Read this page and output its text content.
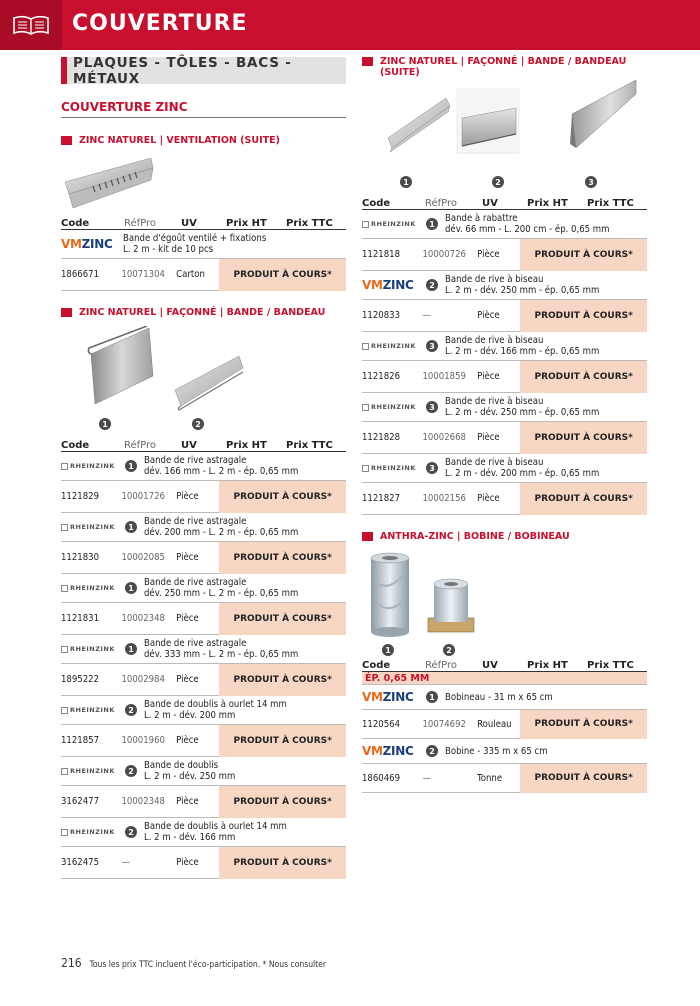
COUVERTURE
PLAQUES - TÔLES - BACS - MÉTAUX
COUVERTURE ZINC
ZINC NATUREL | VENTILATION (SUITE)
Code	RéfPro	UV	Prix HT	Prix TTC
VMZINC Bande d'égoût ventilé + fixations
L. 2 m - kit de 10 pcs
1866671	10071304	Carton	PRODUIT À COURS*
ZINC NATUREL | FAÇONNÉ | BANDE / BANDEAU
1	2
Code	RéfPro	UV	Prix HT	Prix TTC
RHEINZINK	1	Bande de rive astragale
dév. 166 mm - L. 2 m - ép. 0,65 mm
1121829	10001726	Pièce	PRODUIT À COURS*
RHEINZINK	1	Bande de rive astragale
dév. 200 mm - L. 2 m - ép. 0,65 mm
1121830	10002085	Pièce	PRODUIT À COURS*
RHEINZINK	1	Bande de rive astragale
dév. 250 mm - L. 2 m - ép. 0,65 mm
1121831	10002348	Pièce	PRODUIT À COURS*
RHEINZINK	1	Bande de rive astragale
dév. 333 mm - L. 2 m - ép. 0,65 mm
1895222	10002984	Pièce	PRODUIT À COURS*
RHEINZINK	2	Bande de doublis à ourlet 14 mm
L. 2 m - dév. 200 mm
1121857	10001960	Pièce	PRODUIT À COURS*
RHEINZINK	2	Bande de doublis
L. 2 m - dév. 250 mm
3162477	10002348	Pièce	PRODUIT À COURS*
RHEINZINK	2	Bande de doublis à ourlet 14 mm
L. 2 m - dév. 166 mm
3162475	—	Pièce	PRODUIT À COURS*
ZINC NATUREL | FAÇONNÉ | BANDE / BANDEAU
(SUITE)
1	2	3
Code	RéfPro	UV	Prix HT	Prix TTC
RHEINZINK	1	Bande à rabattre
dév. 66 mm - L. 200 cm - ép. 0,65 mm
1121818	10000726	Pièce	PRODUIT À COURS*
VMZINC	2	Bande de rive à biseau
L. 2 m - dév. 250 mm - ép. 0,65 mm
1120833	—	Pièce	PRODUIT À COURS*
RHEINZINK	3	Bande de rive à biseau
L. 2 m - dév. 166 mm - ép. 0,65 mm
1121826	10001859	Pièce	PRODUIT À COURS*
RHEINZINK	3	Bande de rive à biseau
L. 2 m - dév. 250 mm - ép. 0,65 mm
1121828	10002668	Pièce	PRODUIT À COURS*
RHEINZINK	3	Bande de rive à biseau
L. 2 m - dév. 200 mm - ép. 0,65 mm
1121827	10002156	Pièce	PRODUIT À COURS*
ANTHRA-ZINC | BOBINE / BOBINEAU
1	2
Code	RéfPro	UV	Prix HT	Prix TTC
ÉP. 0,65 MM
VMZINC	1	Bobineau - 31 m x 65 cm
1120564	10074692	Rouleau	PRODUIT À COURS*
VMZINC	2	Bobine - 335 m x 65 cm
1860469	—	Tonne	PRODUIT À COURS*
216 Tous les prix TTC incluent l'éco-participation. * Nous consulter
